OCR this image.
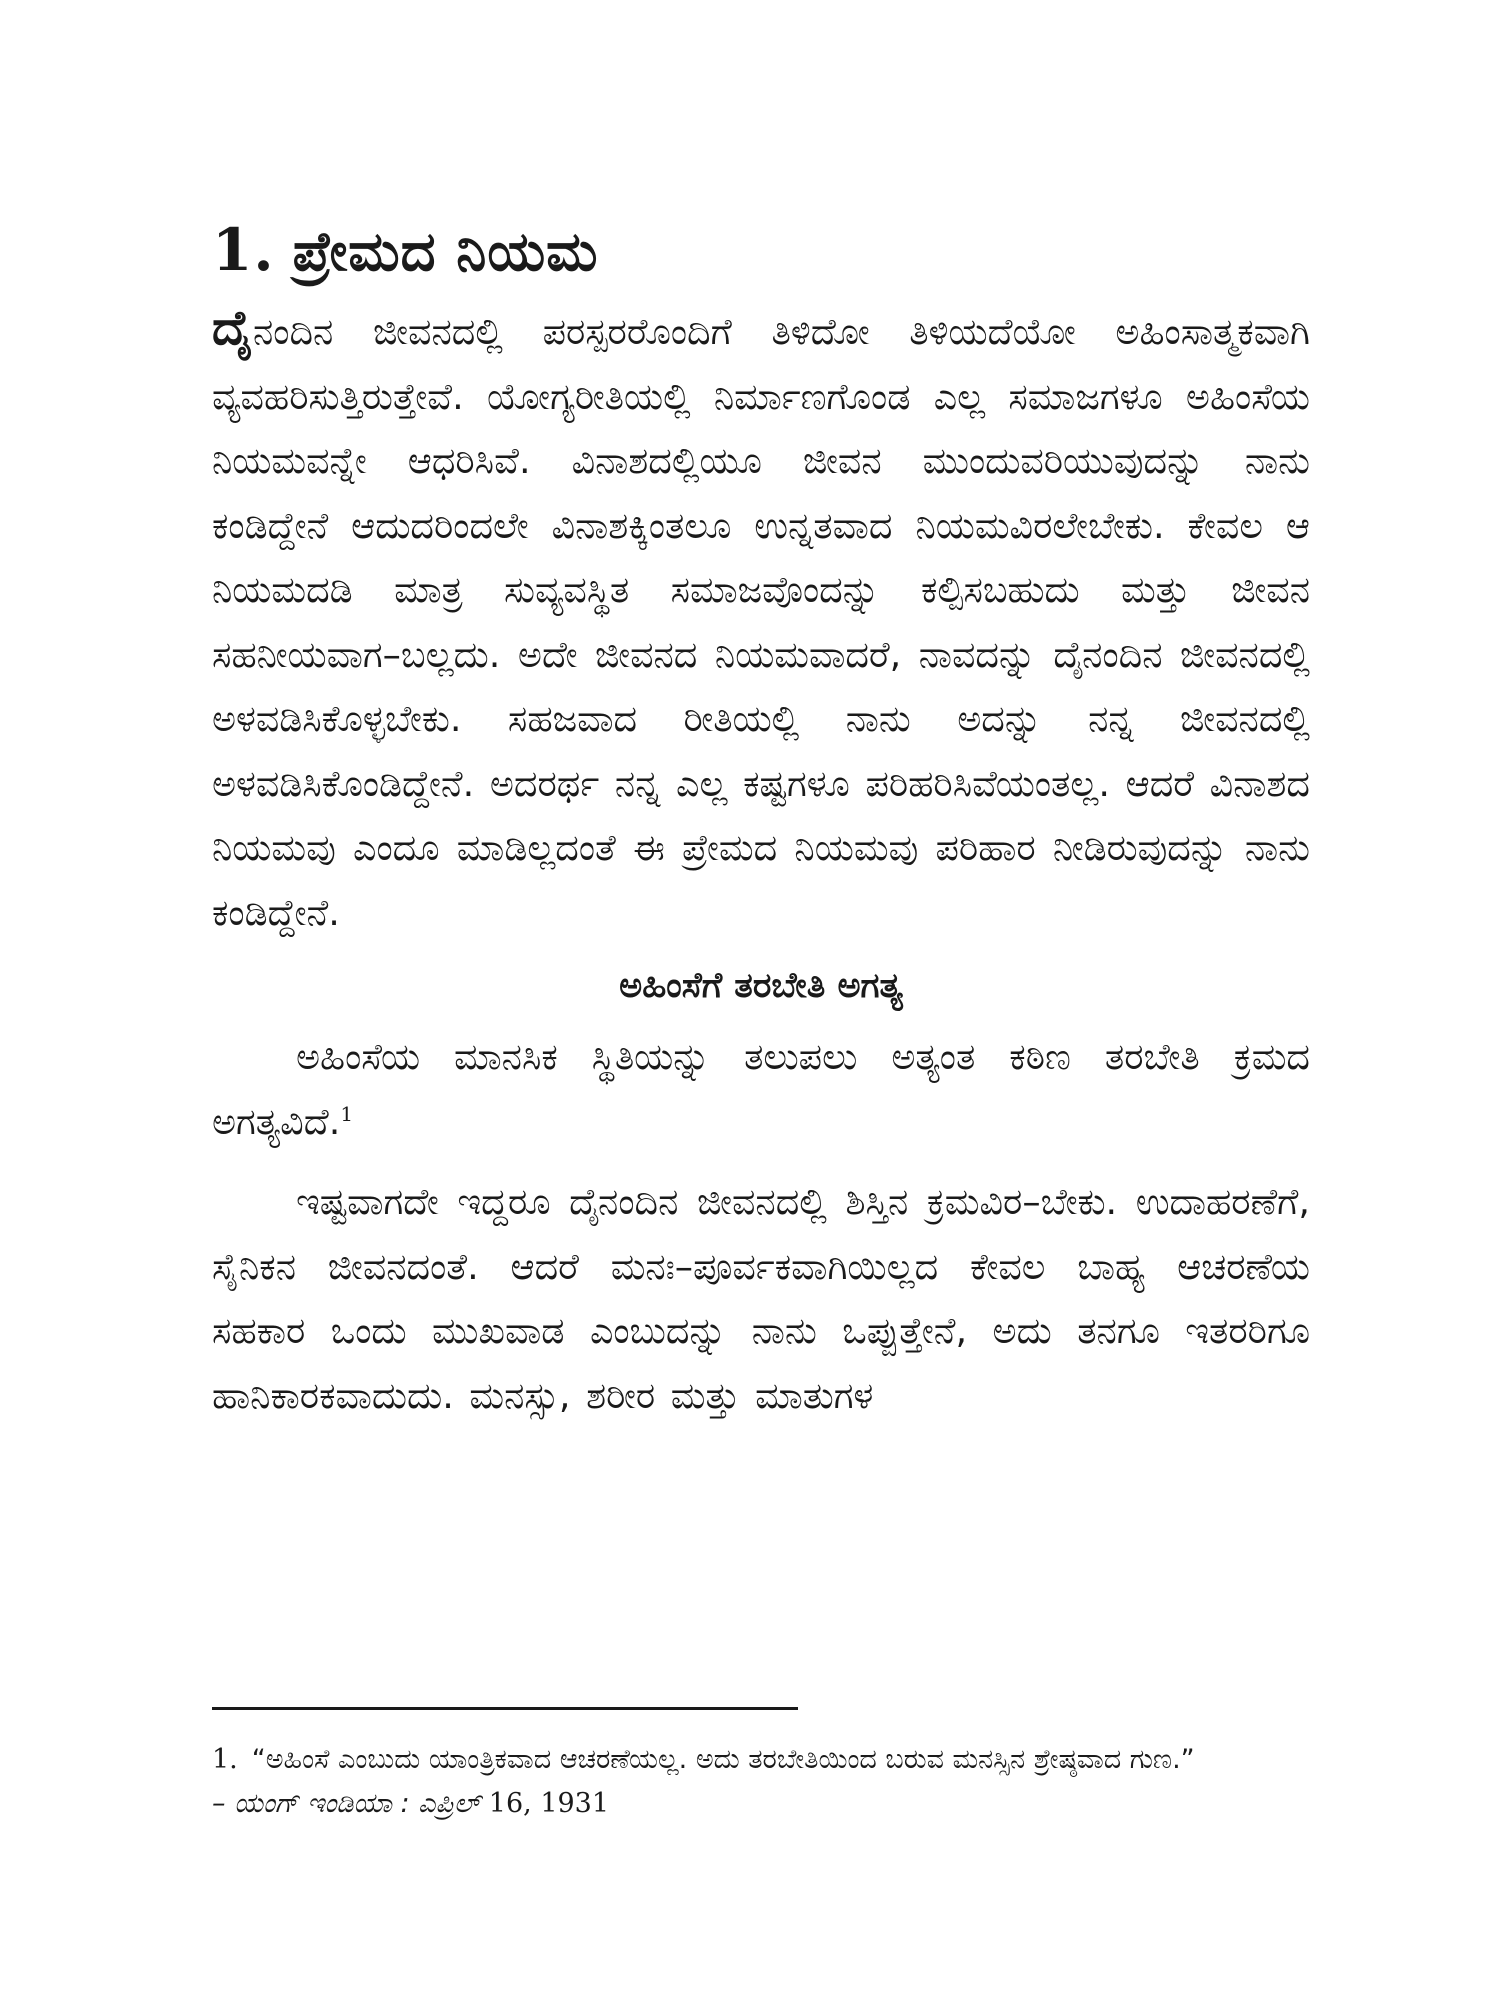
1. ಪ್ರೇಮದ ನಿಯಮ

ದೈನಂದಿನ ಜೀವನದಲ್ಲಿ ಪರಸ್ಪರರೊಂದಿಗೆ ತಿಳಿದೋ ತಿಳಿಯದೆಯೋ ಅಹಿಂಸಾತ್ಮಕವಾಗಿ ವ್ಯವಹರಿಸುತ್ತಿರುತ್ತೇವೆ. ಯೋಗ್ಯರೀತಿಯಲ್ಲಿ ನಿರ್ಮಾಣಗೊಂಡ ಎಲ್ಲ ಸಮಾಜಗಳೂ ಅಹಿಂಸೆಯ ನಿಯಮವನ್ನೇ ಆಧರಿಸಿವೆ. ವಿನಾಶದಲ್ಲಿಯೂ ಜೀವನ ಮುಂದುವರಿಯುವುದನ್ನು ನಾನು ಕಂಡಿದ್ದೇನೆ ಆದುದರಿಂದಲೇ ವಿನಾಶಕ್ಕಿಂತಲೂ ಉನ್ನತವಾದ ನಿಯಮವಿರಲೇಬೇಕು. ಕೇವಲ ಆ ನಿಯಮದಡಿ ಮಾತ್ರ ಸುವ್ಯವಸ್ಥಿತ ಸಮಾಜವೊಂದನ್ನು ಕಲ್ಪಿಸಬಹುದು ಮತ್ತು ಜೀವನ ಸಹನೀಯವಾಗ–ಬಲ್ಲದು. ಅದೇ ಜೀವನದ ನಿಯಮವಾದರೆ, ನಾವದನ್ನು ದೈನಂದಿನ ಜೀವನದಲ್ಲಿ ಅಳವಡಿಸಿಕೊಳ್ಳಬೇಕು. ಸಹಜವಾದ ರೀತಿಯಲ್ಲಿ ನಾನು ಅದನ್ನು ನನ್ನ ಜೀವನದಲ್ಲಿ ಅಳವಡಿಸಿಕೊಂಡಿದ್ದೇನೆ. ಅದರರ್ಥ ನನ್ನ ಎಲ್ಲ ಕಷ್ಟಗಳೂ ಪರಿಹರಿಸಿವೆಯಂತಲ್ಲ. ಆದರೆ ವಿನಾಶದ ನಿಯಮವು ಎಂದೂ ಮಾಡಿಲ್ಲದಂತೆ ಈ ಪ್ರೇಮದ ನಿಯಮವು ಪರಿಹಾರ ನೀಡಿರುವುದನ್ನು ನಾನು ಕಂಡಿದ್ದೇನೆ.

ಅಹಿಂಸೆಗೆ ತರಬೇತಿ ಅಗತ್ಯ

ಅಹಿಂಸೆಯ ಮಾನಸಿಕ ಸ್ಥಿತಿಯನ್ನು ತಲುಪಲು ಅತ್ಯಂತ ಕಠಿಣ ತರಬೇತಿ ಕ್ರಮದ ಅಗತ್ಯವಿದೆ.$^1$

ಇಷ್ಟವಾಗದೇ ಇದ್ದರೂ ದೈನಂದಿನ ಜೀವನದಲ್ಲಿ ಶಿಸ್ತಿನ ಕ್ರಮವಿರ–ಬೇಕು. ಉದಾಹರಣೆಗೆ, ಸೈನಿಕನ ಜೀವನದಂತೆ. ಆದರೆ ಮನಃ–ಪೂರ್ವಕವಾಗಿಯಿಲ್ಲದ ಕೇವಲ ಬಾಹ್ಯ ಆಚರಣೆಯ ಸಹಕಾರ ಒಂದು ಮುಖವಾಡ ಎಂಬುದನ್ನು ನಾನು ಒಪ್ಪುತ್ತೇನೆ, ಅದು ತನಗೂ ಇತರರಿಗೂ ಹಾನಿಕಾರಕವಾದುದು. ಮನಸ್ಸು, ಶರೀರ ಮತ್ತು ಮಾತುಗಳ

1. “ಅಹಿಂಸೆ ಎಂಬುದು ಯಾಂತ್ರಿಕವಾದ ಆಚರಣೆಯಲ್ಲ. ಅದು ತರಬೇತಿಯಿಂದ ಬರುವ ಮನಸ್ಸಿನ ಶ್ರೇಷ್ಠವಾದ ಗುಣ.”
– ಯಂಗ್ ಇಂಡಿಯಾ : ಎಪ್ರಿಲ್ 16, 1931
